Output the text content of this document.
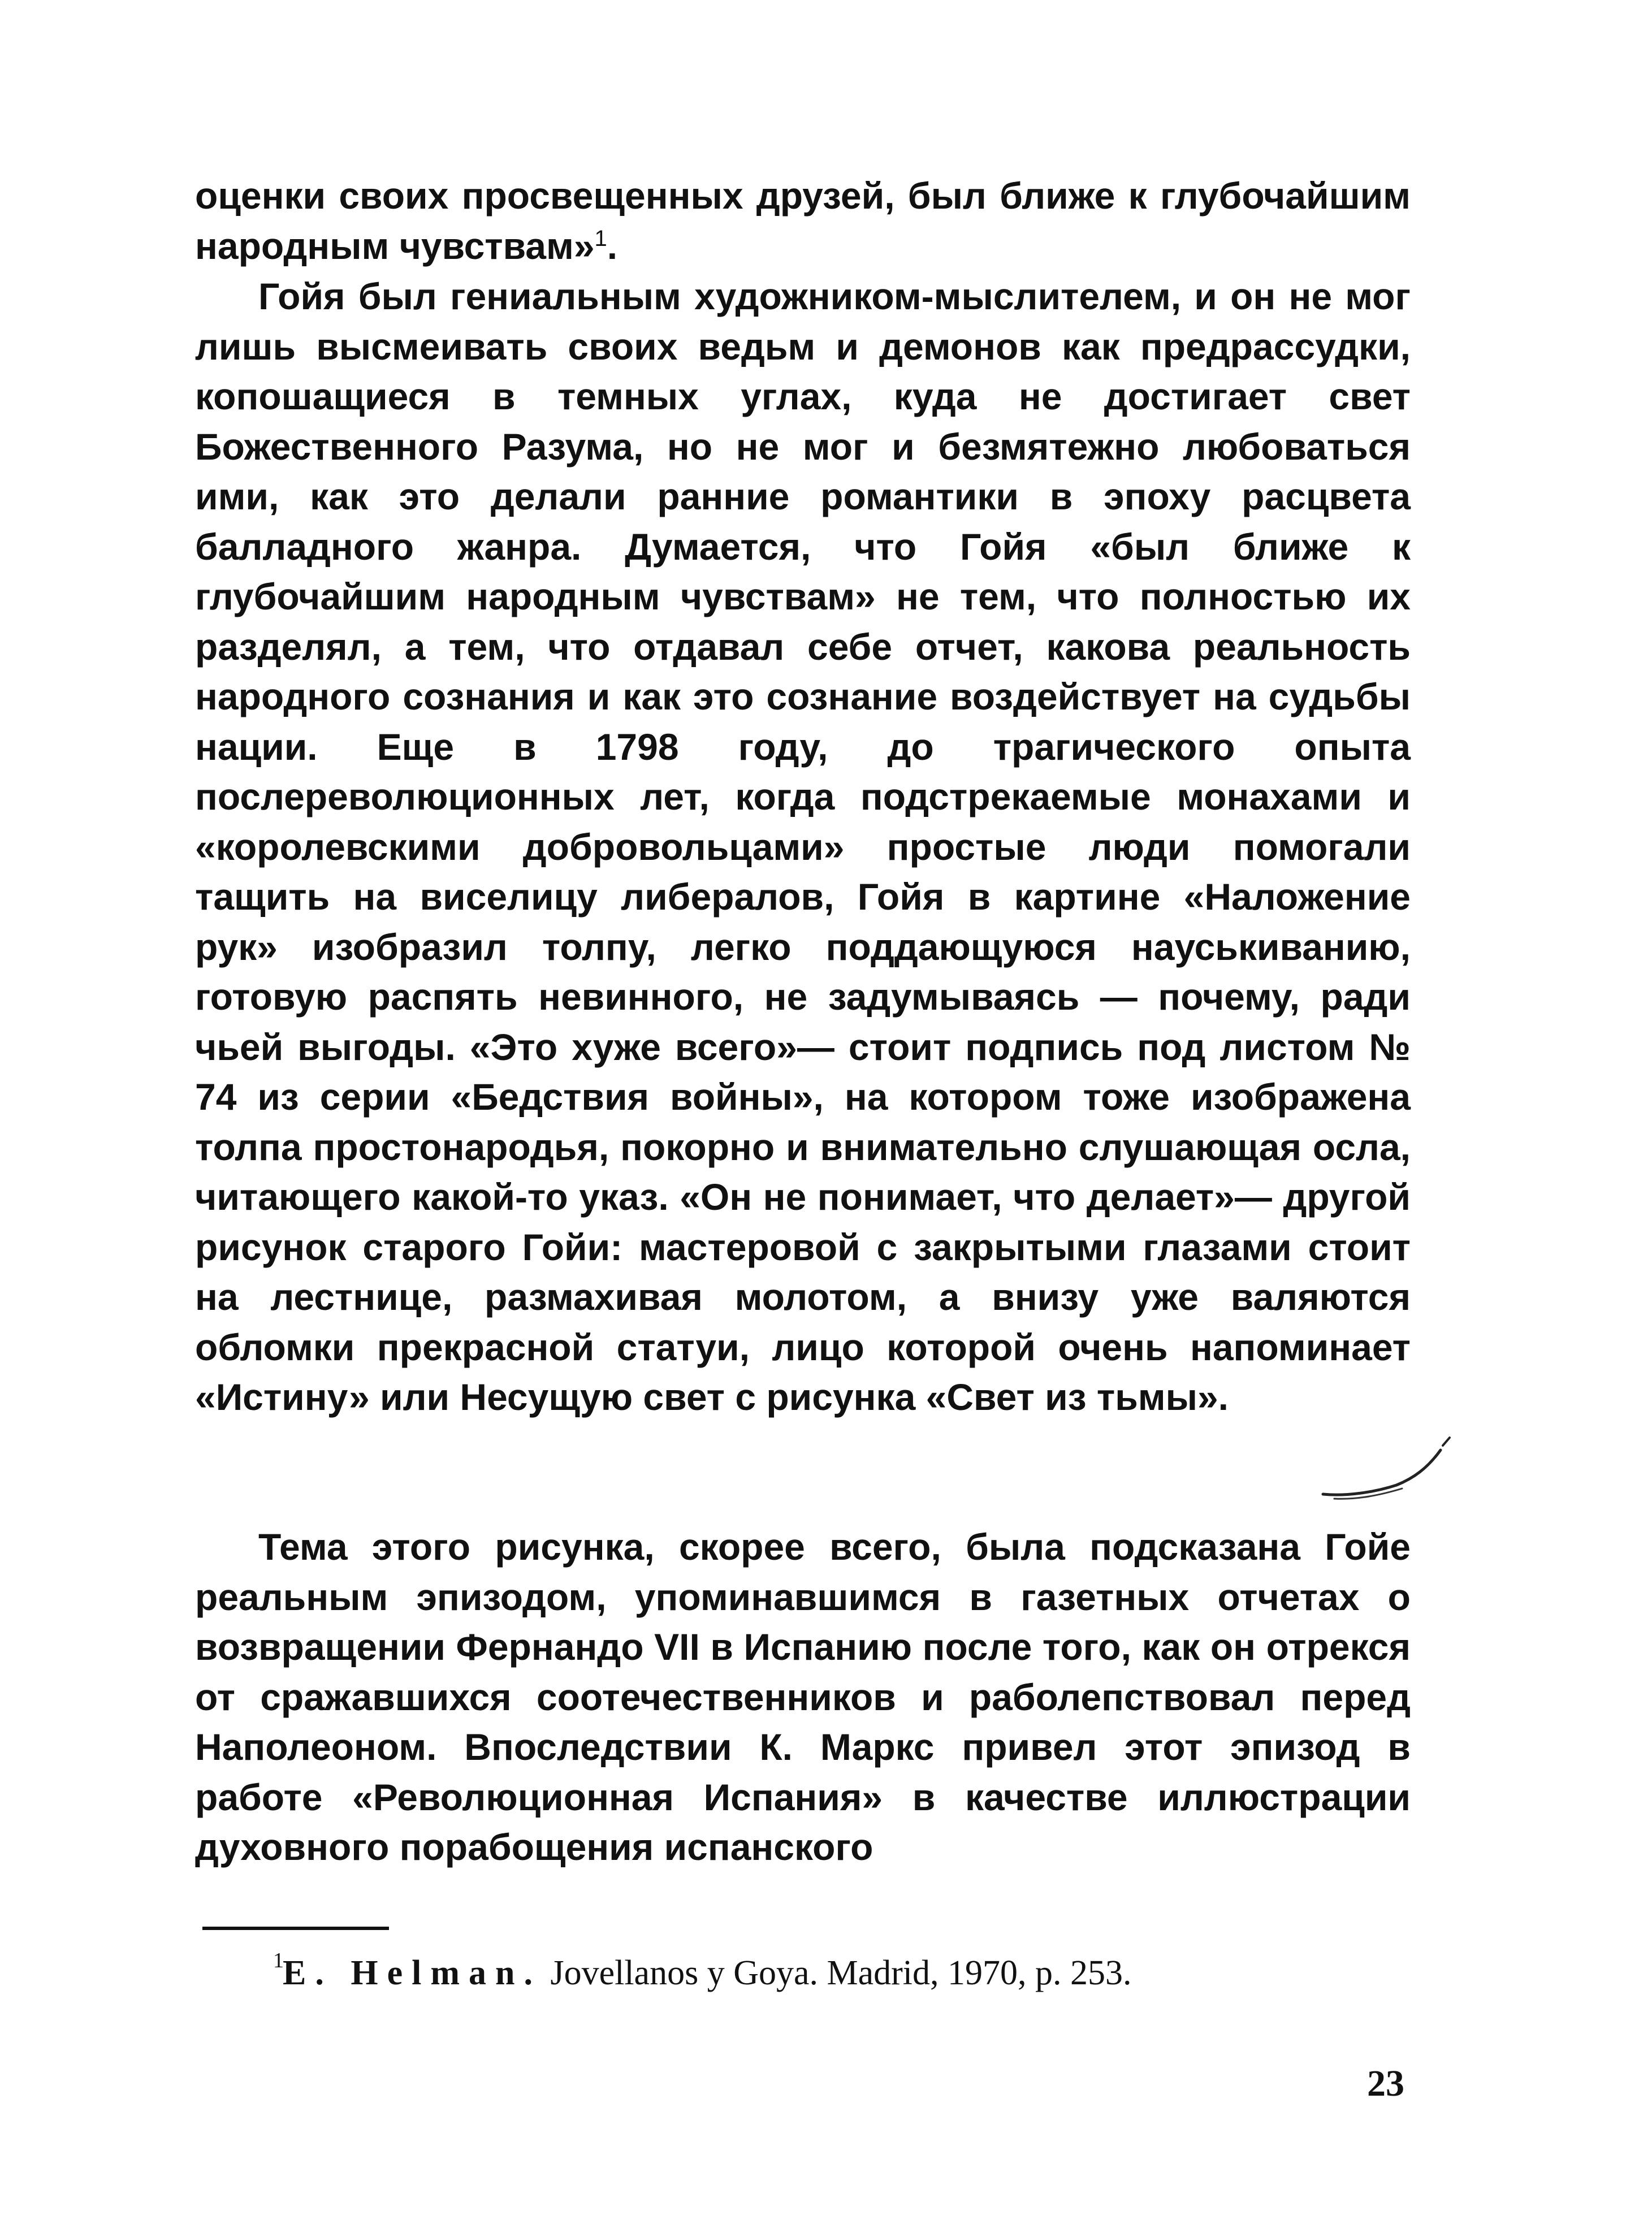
оценки своих просвещенных друзей, был ближе к глубочайшим народным чувствам»$^1$.

Гойя был гениальным художником-мыслителем, и он не мог лишь высмеивать своих ведьм и демонов как предрассудки, копошащиеся в темных углах, куда не достигает свет Божественного Разума, но не мог и безмятежно любоваться ими, как это делали ранние романтики в эпоху расцвета балладного жанра. Думается, что Гойя «был ближе к глубочайшим народным чувствам» не тем, что полностью их разделял, а тем, что отдавал себе отчет, какова реальность народного сознания и как это сознание воздействует на судьбы нации. Еще в 1798 году, до трагического опыта послереволюционных лет, когда подстрекаемые монахами и «королевскими добровольцами» простые люди помогали тащить на виселицу либералов, Гойя в картине «Наложение рук» изобразил толпу, легко поддающуюся науськиванию, готовую распять невинного, не задумываясь — почему, ради чьей выгоды. «Это хуже всего»— стоит подпись под листом № 74 из серии «Бедствия войны», на котором тоже изображена толпа простонародья, покорно и внимательно слушающая осла, читающего какой-то указ. «Он не понимает, что делает»— другой рисунок старого Гойи: мастеровой с закрытыми глазами стоит на лестнице, размахивая молотом, а внизу уже валяются обломки прекрасной статуи, лицо которой очень напоминает «Истину» или Несущую свет с рисунка «Свет из тьмы».

Тема этого рисунка, скорее всего, была подсказана Гойе реальным эпизодом, упоминавшимся в газетных отчетах о возвращении Фернандо VII в Испанию после того, как он отрекся от сражавшихся соотечественников и раболепствовал перед Наполеоном. Впоследствии К. Маркс привел этот эпизод в работе «Революционная Испания» в качестве иллюстрации духовного порабощения испанского

1
E. Helman. Jovellanos y Goya. Madrid, 1970, p. 253.
23
